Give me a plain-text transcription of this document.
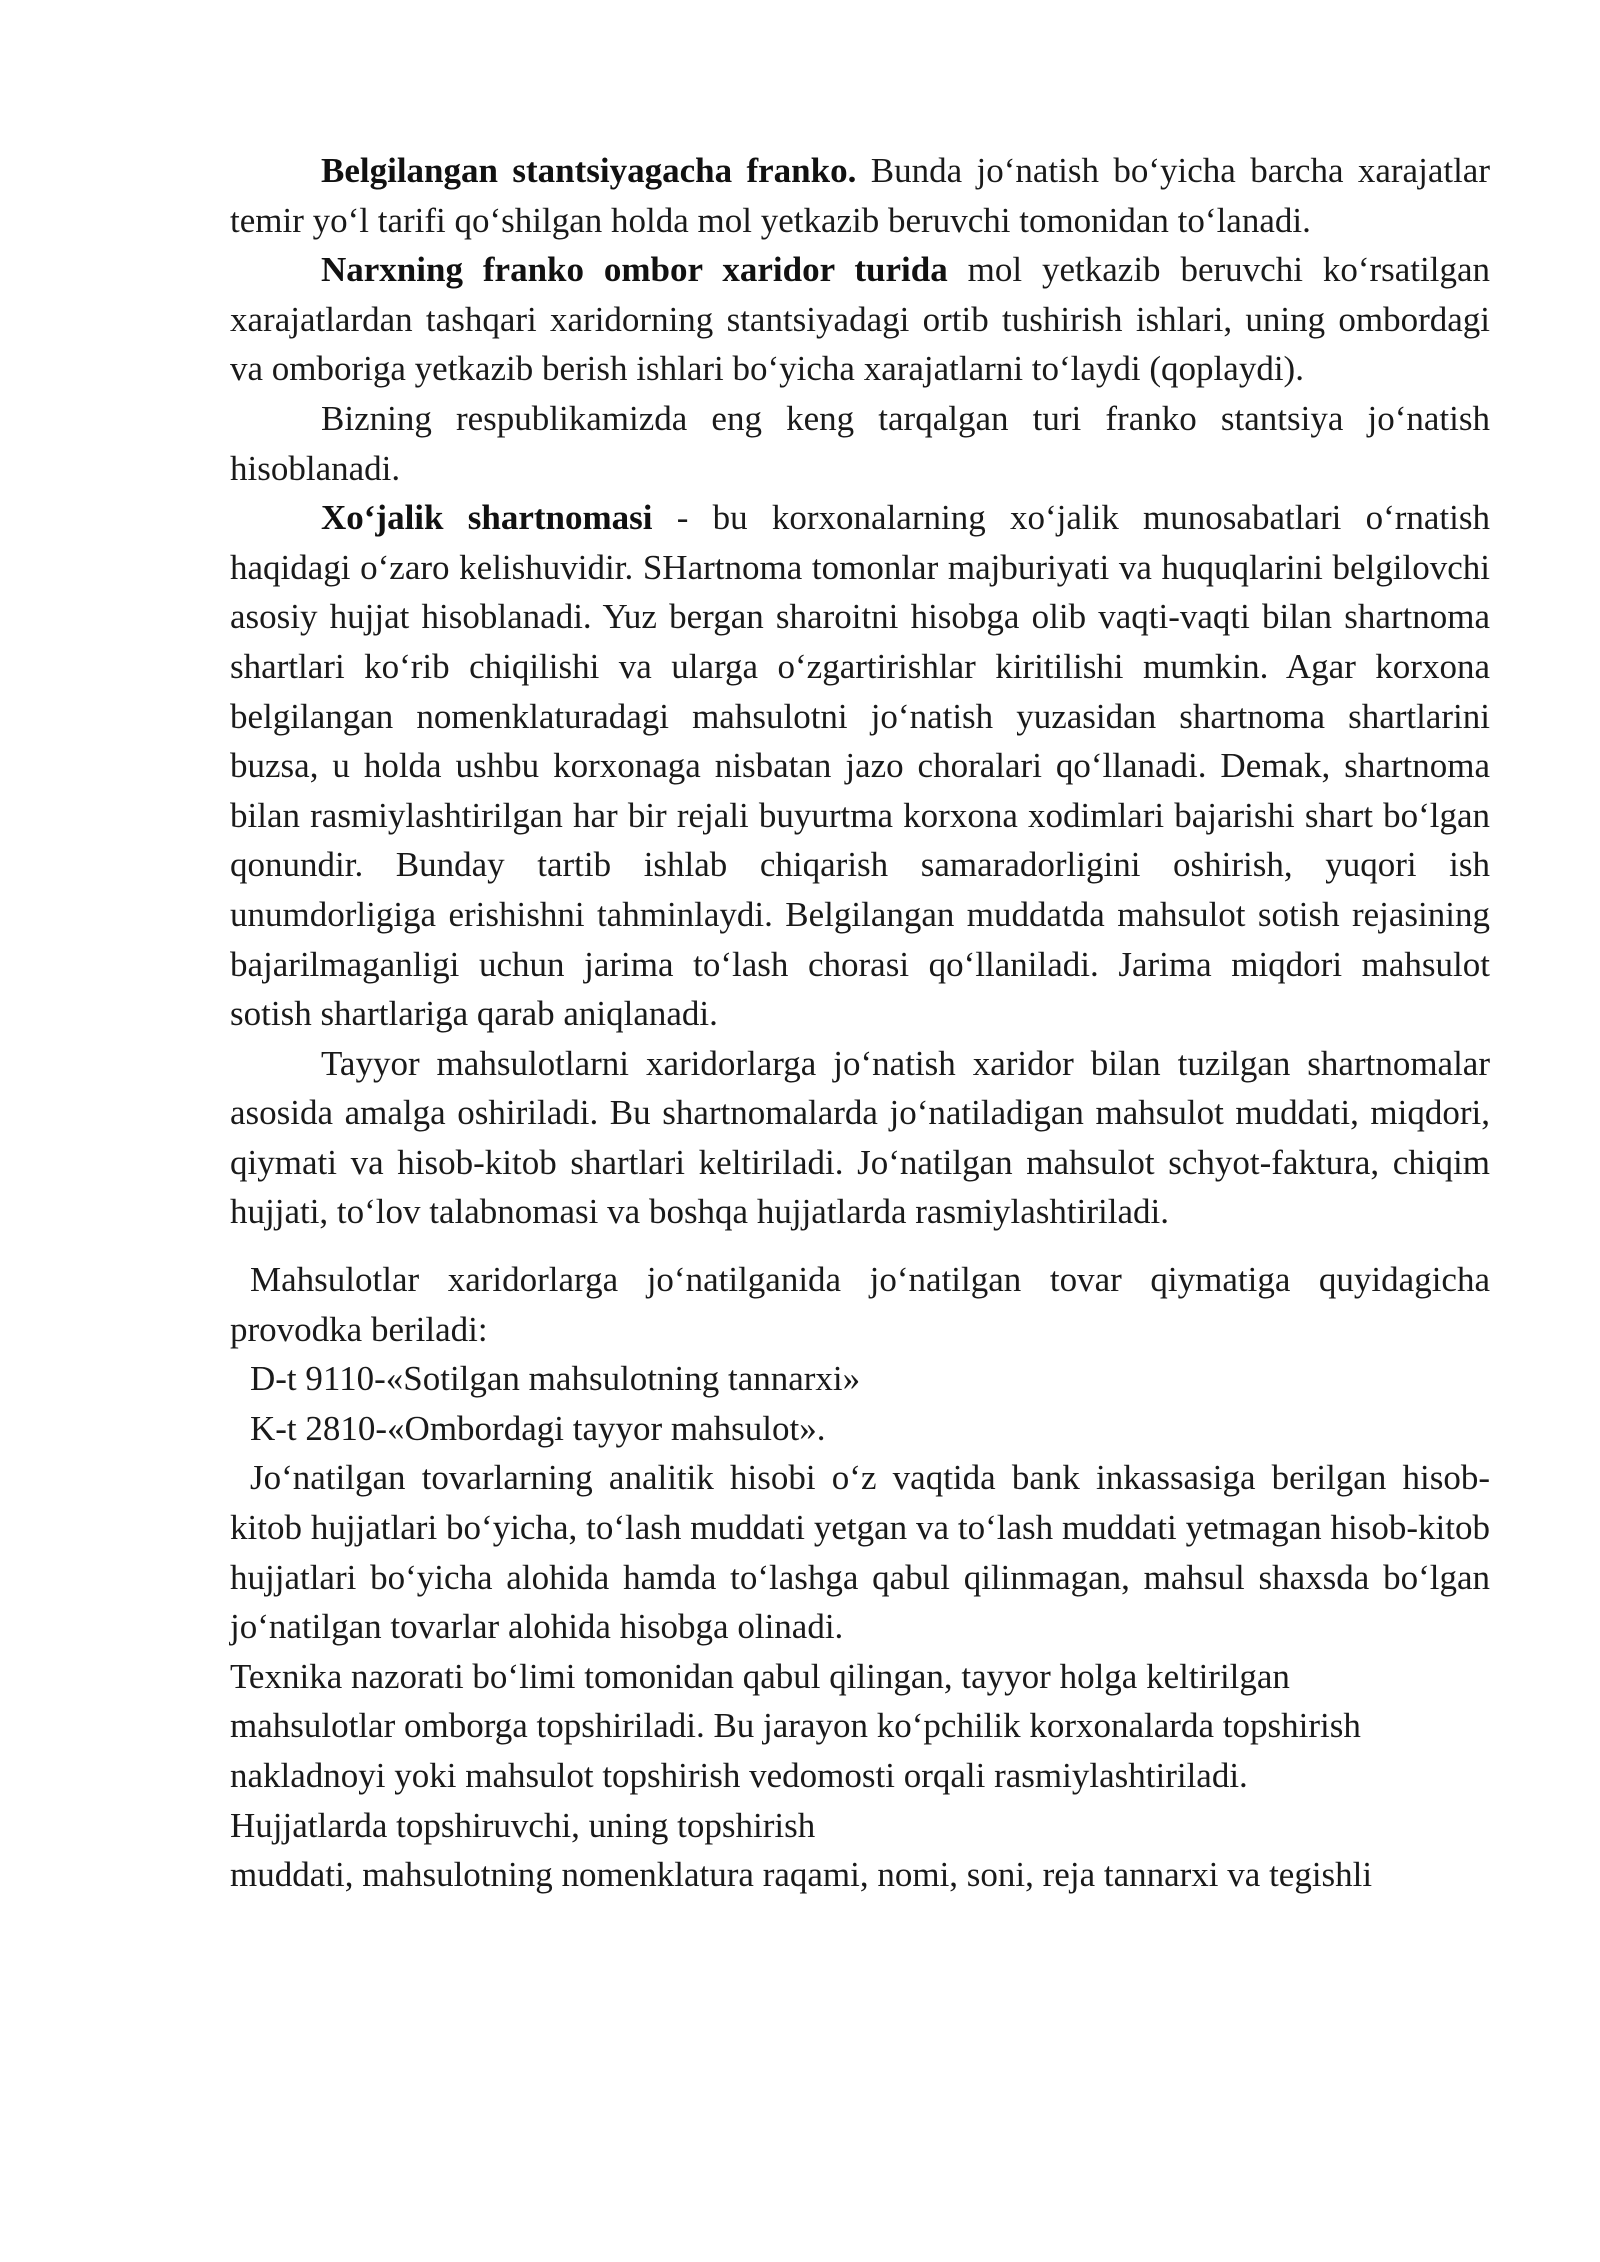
Belgilangan stantsiyagacha franko. Bunda jo‘natish bo‘yicha barcha xarajatlar temir yo‘l tarifi qo‘shilgan holda mol yetkazib beruvchi tomonidan to‘lanadi.

Narxning franko ombor xaridor turida mol yetkazib beruvchi ko‘rsatilgan xarajatlardan tashqari xaridorning stantsiyadagi ortib tushirish ishlari, uning ombordagi va omboriga yetkazib berish ishlari bo‘yicha xarajatlarni to‘laydi (qoplaydi).

Bizning respublikamizda eng keng tarqalgan turi franko stantsiya jo‘natish hisoblanadi.

Xo‘jalik shartnomasi - bu korxonalarning xo‘jalik munosabatlari o‘rnatish haqidagi o‘zaro kelishuvidir. SHartnoma tomonlar majburiyati va huquqlarini belgilovchi asosiy hujjat hisoblanadi. Yuz bergan sharoitni hisobga olib vaqti-vaqti bilan shartnoma shartlari ko‘rib chiqilishi va ularga o‘zgartirishlar kiritilishi mumkin. Agar korxona belgilangan nomenklaturadagi mahsulotni jo‘natish yuzasidan shartnoma shartlarini buzsa, u holda ushbu korxonaga nisbatan jazo choralari qo‘llanadi. Demak, shartnoma bilan rasmiylashtirilgan har bir rejali buyurtma korxona xodimlari bajarishi shart bo‘lgan qonundir. Bunday tartib ishlab chiqarish samaradorligini oshirish, yuqori ish unumdorligiga erishishni tahminlaydi. Belgilangan muddatda mahsulot sotish rejasining bajarilmaganligi uchun jarima to‘lash chorasi qo‘llaniladi. Jarima miqdori mahsulot sotish shartlariga qarab aniqlanadi.

Tayyor mahsulotlarni xaridorlarga jo‘natish xaridor bilan tuzilgan shartnomalar asosida amalga oshiriladi. Bu shartnomalarda jo‘natiladigan mahsulot muddati, miqdori, qiymati va hisob-kitob shartlari keltiriladi. Jo‘natilgan mahsulot schyot-faktura, chiqim hujjati, to‘lov talabnomasi va boshqa hujjatlarda rasmiylashtiriladi.

Mahsulotlar xaridorlarga jo‘natilganida jo‘natilgan tovar qiymatiga quyidagicha provodka beriladi:

D-t 9110-«Sotilgan mahsulotning tannarxi»

K-t 2810-«Ombordagi tayyor mahsulot».

Jo‘natilgan tovarlarning analitik hisobi o‘z vaqtida bank inkassasiga berilgan hisob-kitob hujjatlari bo‘yicha, to‘lash muddati yetgan va to‘lash muddati yetmagan hisob-kitob hujjatlari bo‘yicha alohida hamda to‘lashga qabul qilinmagan, mahsul shaxsda bo‘lgan jo‘natilgan tovarlar alohida hisobga olinadi.

Texnika nazorati bo‘limi tomonidan qabul qilingan, tayyor holga keltirilgan

mahsulotlar omborga topshiriladi. Bu jarayon ko‘pchilik korxonalarda topshirish

nakladnoyi yoki mahsulot topshirish vedomosti orqali rasmiylashtiriladi.

Hujjatlarda topshiruvchi, uning topshirish

muddati, mahsulotning nomenklatura raqami, nomi, soni, reja tannarxi va tegishli
